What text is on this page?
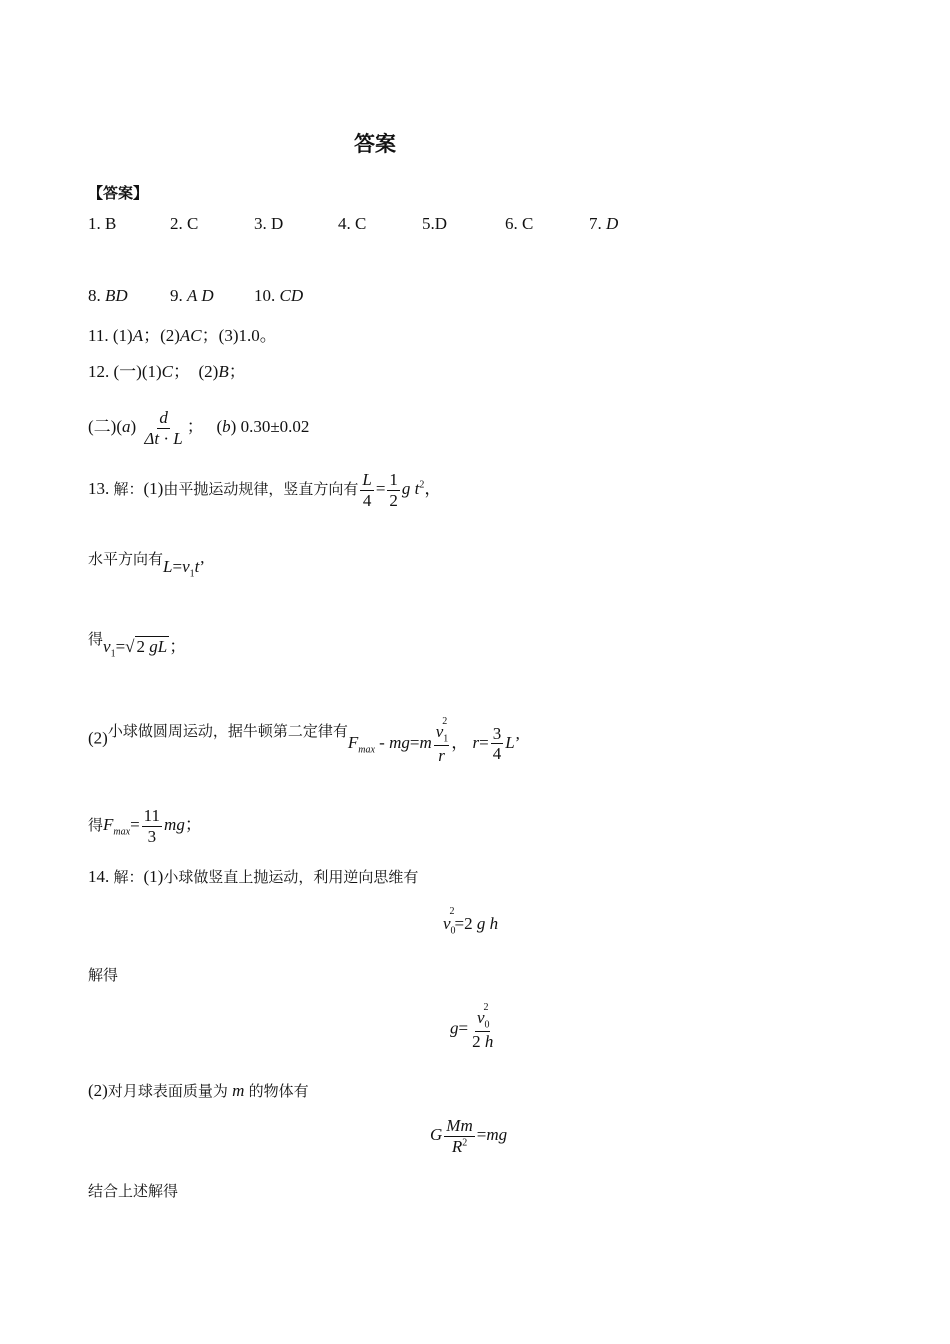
答案
【答案】
1. B	2. C	3. D	4. C	5.D	6. C	7. D
8. BD 9. A D 10. CD
11. (1)A；(2)AC；(3)1.0。
12. (一)(1)C；  (2)B；
(二)$(a) \frac{d}{\Delta t \cdot L}$ ；   (b) 0.30±0.02
13. 解：(1)由平抛运动规律，竖直方向有 $\frac{L}{4} = \frac{1}{2}$ g $t^2$，
水平方向有$L=v_1t$’
得$v_1=√$ 2 gL ；
(2)小球做圆周运动，据牛顿第二定律有$F_{max} - mg=m \frac{v_1^2}{r}$ ， $r= \frac{3}{4} L$’
得$F_{max}= \frac{11}{3}$ mg；
14. 解：(1)小球做竖直上抛运动，利用逆向思维有
$v_0^2=2$ g h
解得
$g= \frac{v_0^2}{2 h}$
(2)对月球表面质量为 m 的物体有
G $\frac{Mm}{R^2} =mg$
结合上述解得
